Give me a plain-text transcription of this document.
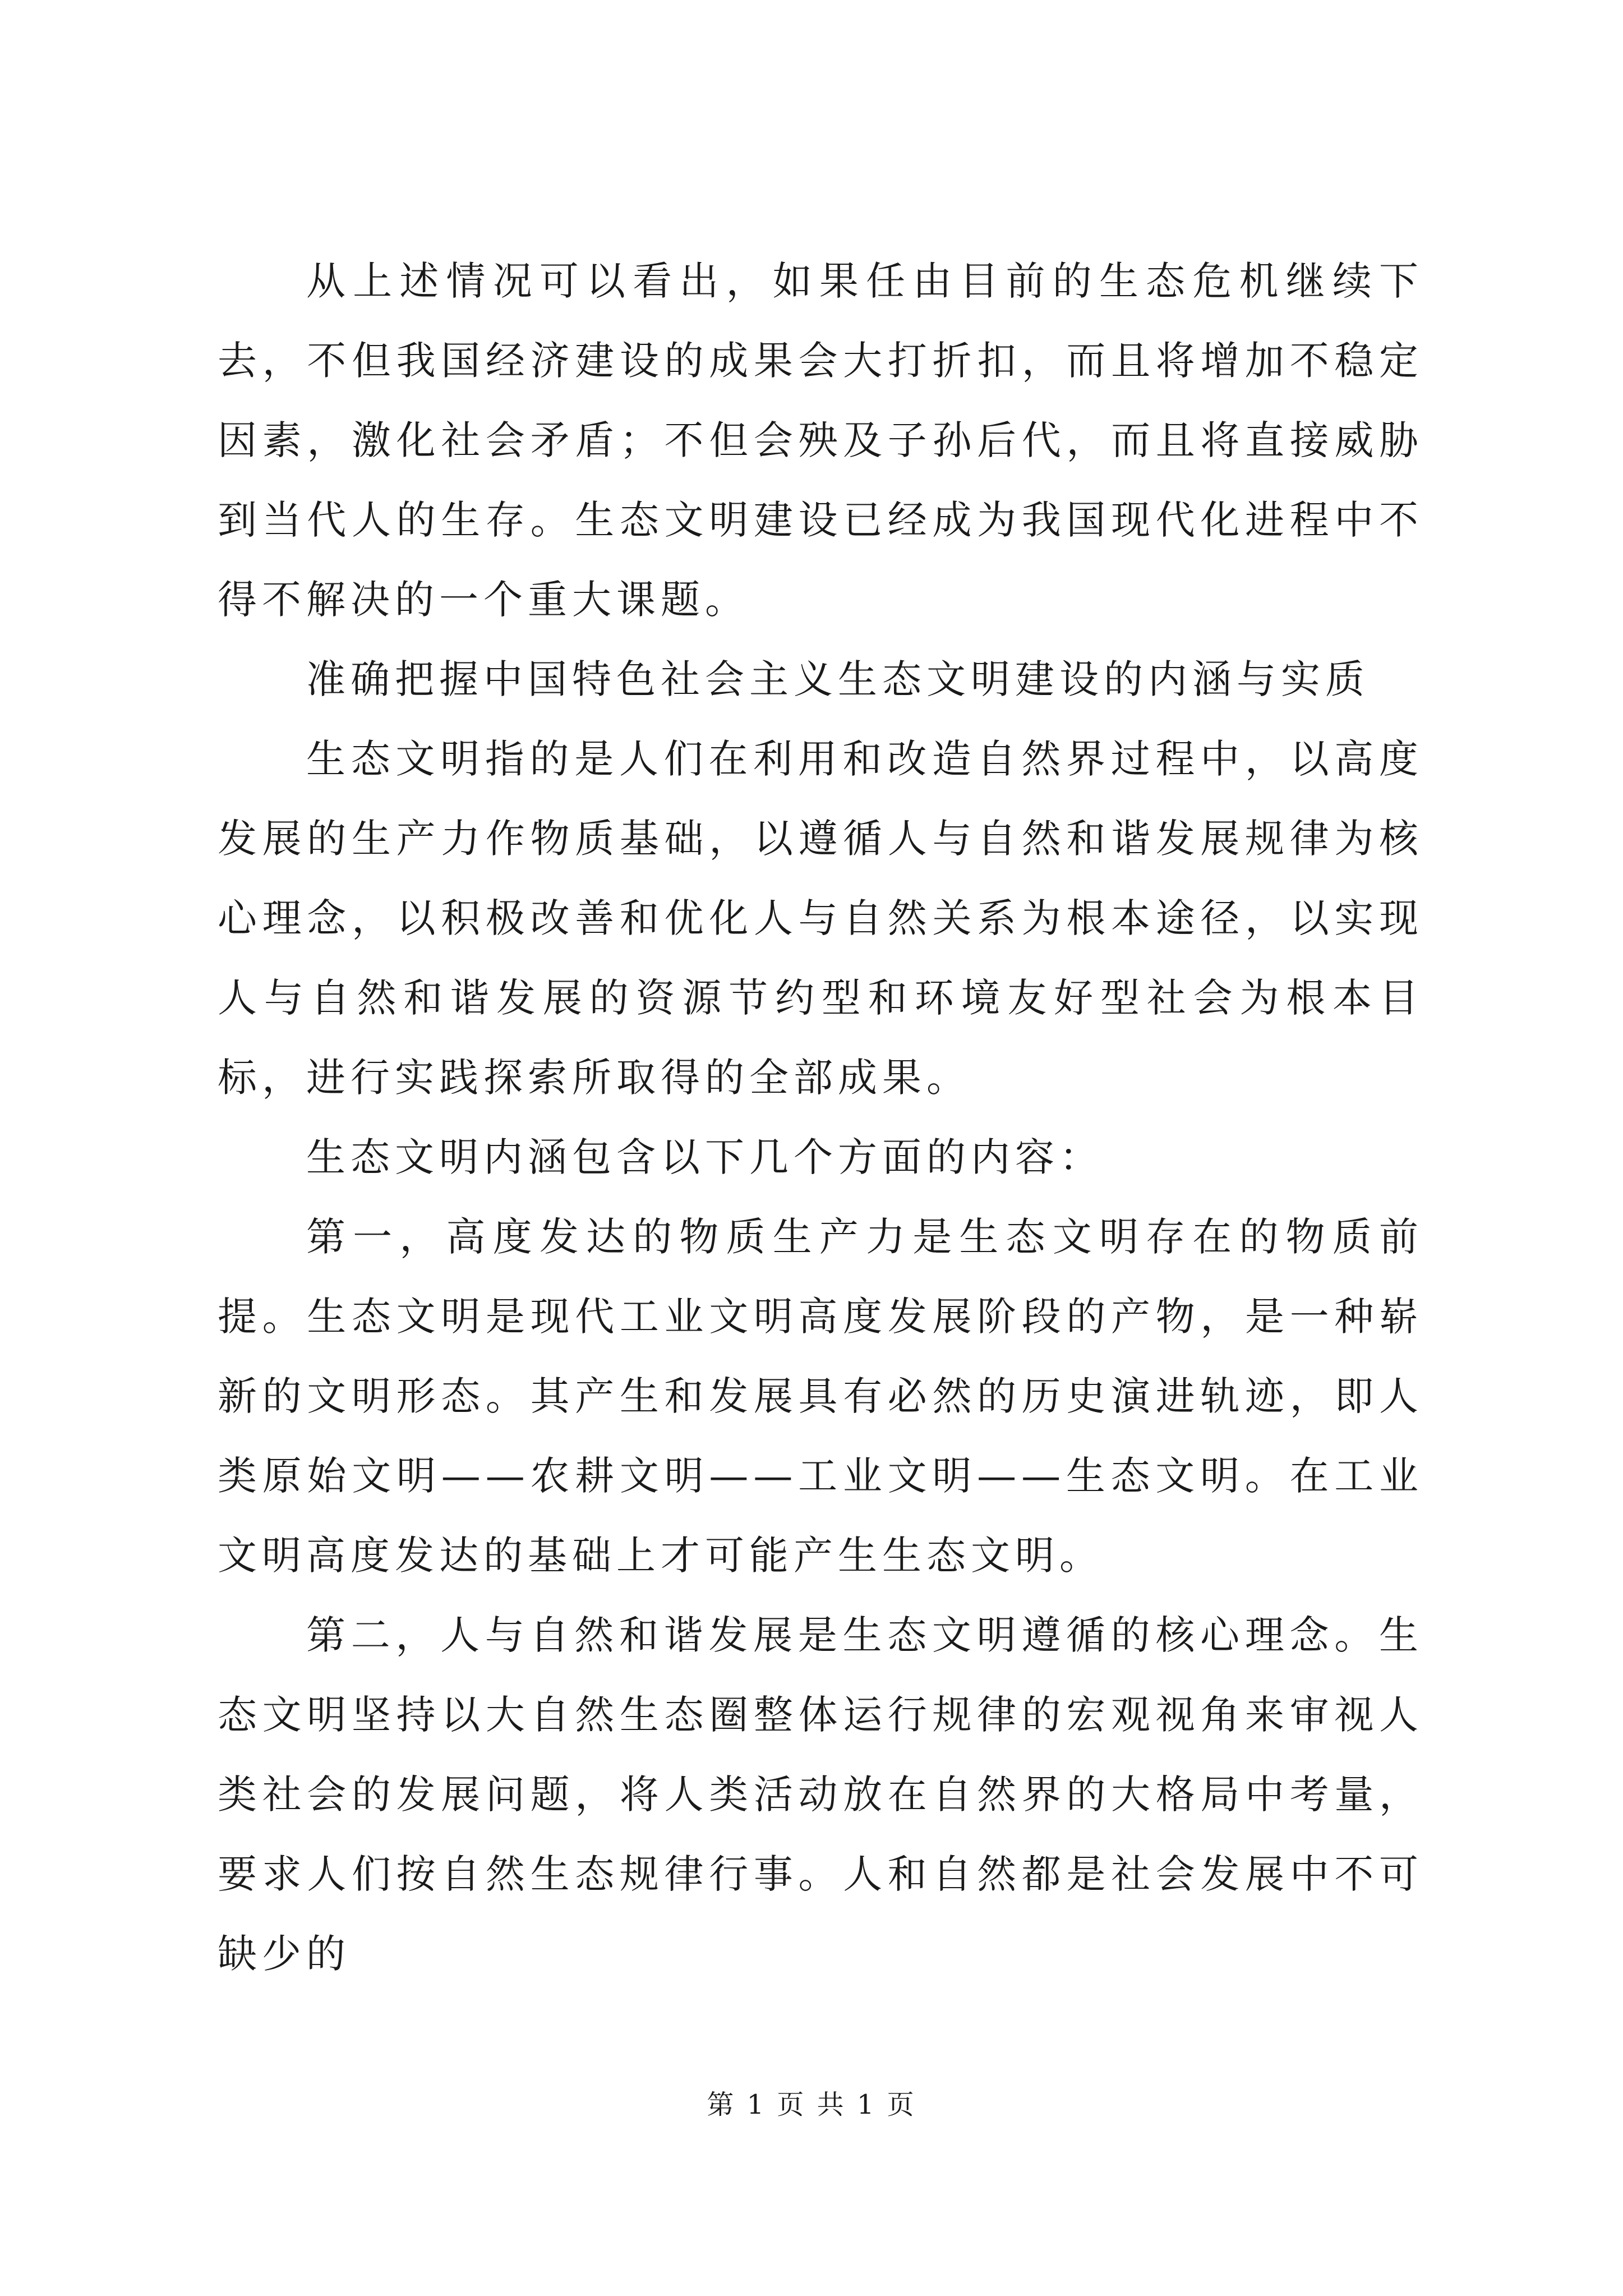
从上述情况可以看出，如果任由目前的生态危机继续下去，不但我国经济建设的成果会大打折扣，而且将增加不稳定因素，激化社会矛盾；不但会殃及子孙后代，而且将直接威胁到当代人的生存。生态文明建设已经成为我国现代化进程中不得不解决的一个重大课题。

准确把握中国特色社会主义生态文明建设的内涵与实质

生态文明指的是人们在利用和改造自然界过程中，以高度发展的生产力作物质基础，以遵循人与自然和谐发展规律为核心理念，以积极改善和优化人与自然关系为根本途径，以实现人与自然和谐发展的资源节约型和环境友好型社会为根本目标，进行实践探索所取得的全部成果。

生态文明内涵包含以下几个方面的内容：

第一，高度发达的物质生产力是生态文明存在的物质前提。生态文明是现代工业文明高度发展阶段的产物，是一种崭新的文明形态。其产生和发展具有必然的历史演进轨迹，即人类原始文明——农耕文明——工业文明——生态文明。在工业文明高度发达的基础上才可能产生生态文明。

第二，人与自然和谐发展是生态文明遵循的核心理念。生态文明坚持以大自然生态圈整体运行规律的宏观视角来审视人类社会的发展问题，将人类活动放在自然界的大格局中考量，要求人们按自然生态规律行事。人和自然都是社会发展中不可缺少的

第 1 页 共 1 页
